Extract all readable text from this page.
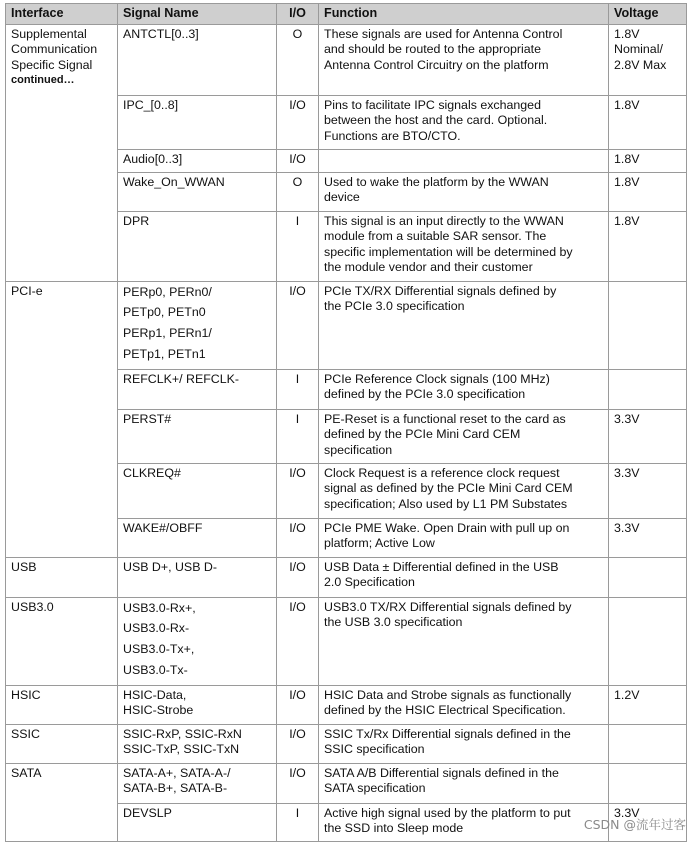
Interface	Signal Name	I/O	Function	Voltage

Supplemental
Communication
Specific Signal
continued…	ANTCTL[0..3]	O	These signals are used for Antenna Control
and should be routed to the appropriate
Antenna Control Circuitry on the platform	1.8V
Nominal/
2.8V Max

	IPC_[0..8]	I/O	Pins to facilitate IPC signals exchanged
between the host and the card. Optional.
Functions are BTO/CTO.	1.8V
	Audio[0..3]	I/O		1.8V
	Wake_On_WWAN	O	Used to wake the platform by the WWAN
device	1.8V
	DPR	I	This signal is an input directly to the WWAN
module from a suitable SAR sensor. The
specific implementation will be determined by
the module vendor and their customer	1.8V
PCI-e	PERp0, PERn0/
PETp0, PETn0
PERp1, PERn1/
PETp1, PETn1	I/O	PCIe TX/RX Differential signals defined by
the PCIe 3.0 specification	

	REFCLK+/ REFCLK-	I	PCIe Reference Clock signals (100 MHz)
defined by the PCIe 3.0 specification	

	PERST#	I	PE-Reset is a functional reset to the card as
defined by the PCIe Mini Card CEM
specification	3.3V
	CLKREQ#	I/O	Clock Request is a reference clock request
signal as defined by the PCIe Mini Card CEM
specification; Also used by L1 PM Substates	3.3V
	WAKE#/OBFF	I/O	PCIe PME Wake. Open Drain with pull up on
platform; Active Low	3.3V
USB	USB D+, USB D-	I/O	USB Data ± Differential defined in the USB
2.0 Specification	

USB3.0	USB3.0-Rx+,
USB3.0-Rx-
USB3.0-Tx+,
USB3.0-Tx-	I/O	USB3.0 TX/RX Differential signals defined by
the USB 3.0 specification	

HSIC	HSIC-Data,
HSIC-Strobe	I/O	HSIC Data and Strobe signals as functionally
defined by the HSIC Electrical Specification.	1.2V
SSIC	SSIC-RxP, SSIC-RxN
SSIC-TxP, SSIC-TxN	I/O	SSIC Tx/Rx Differential signals defined in the
SSIC specification	

SATA	SATA-A+, SATA-A-/
SATA-B+, SATA-B-	I/O	SATA A/B Differential signals defined in the
SATA specification	

	DEVSLP	I	Active high signal used by the platform to put
the SSD into Sleep mode	3.3V
CSDN @流年过客
